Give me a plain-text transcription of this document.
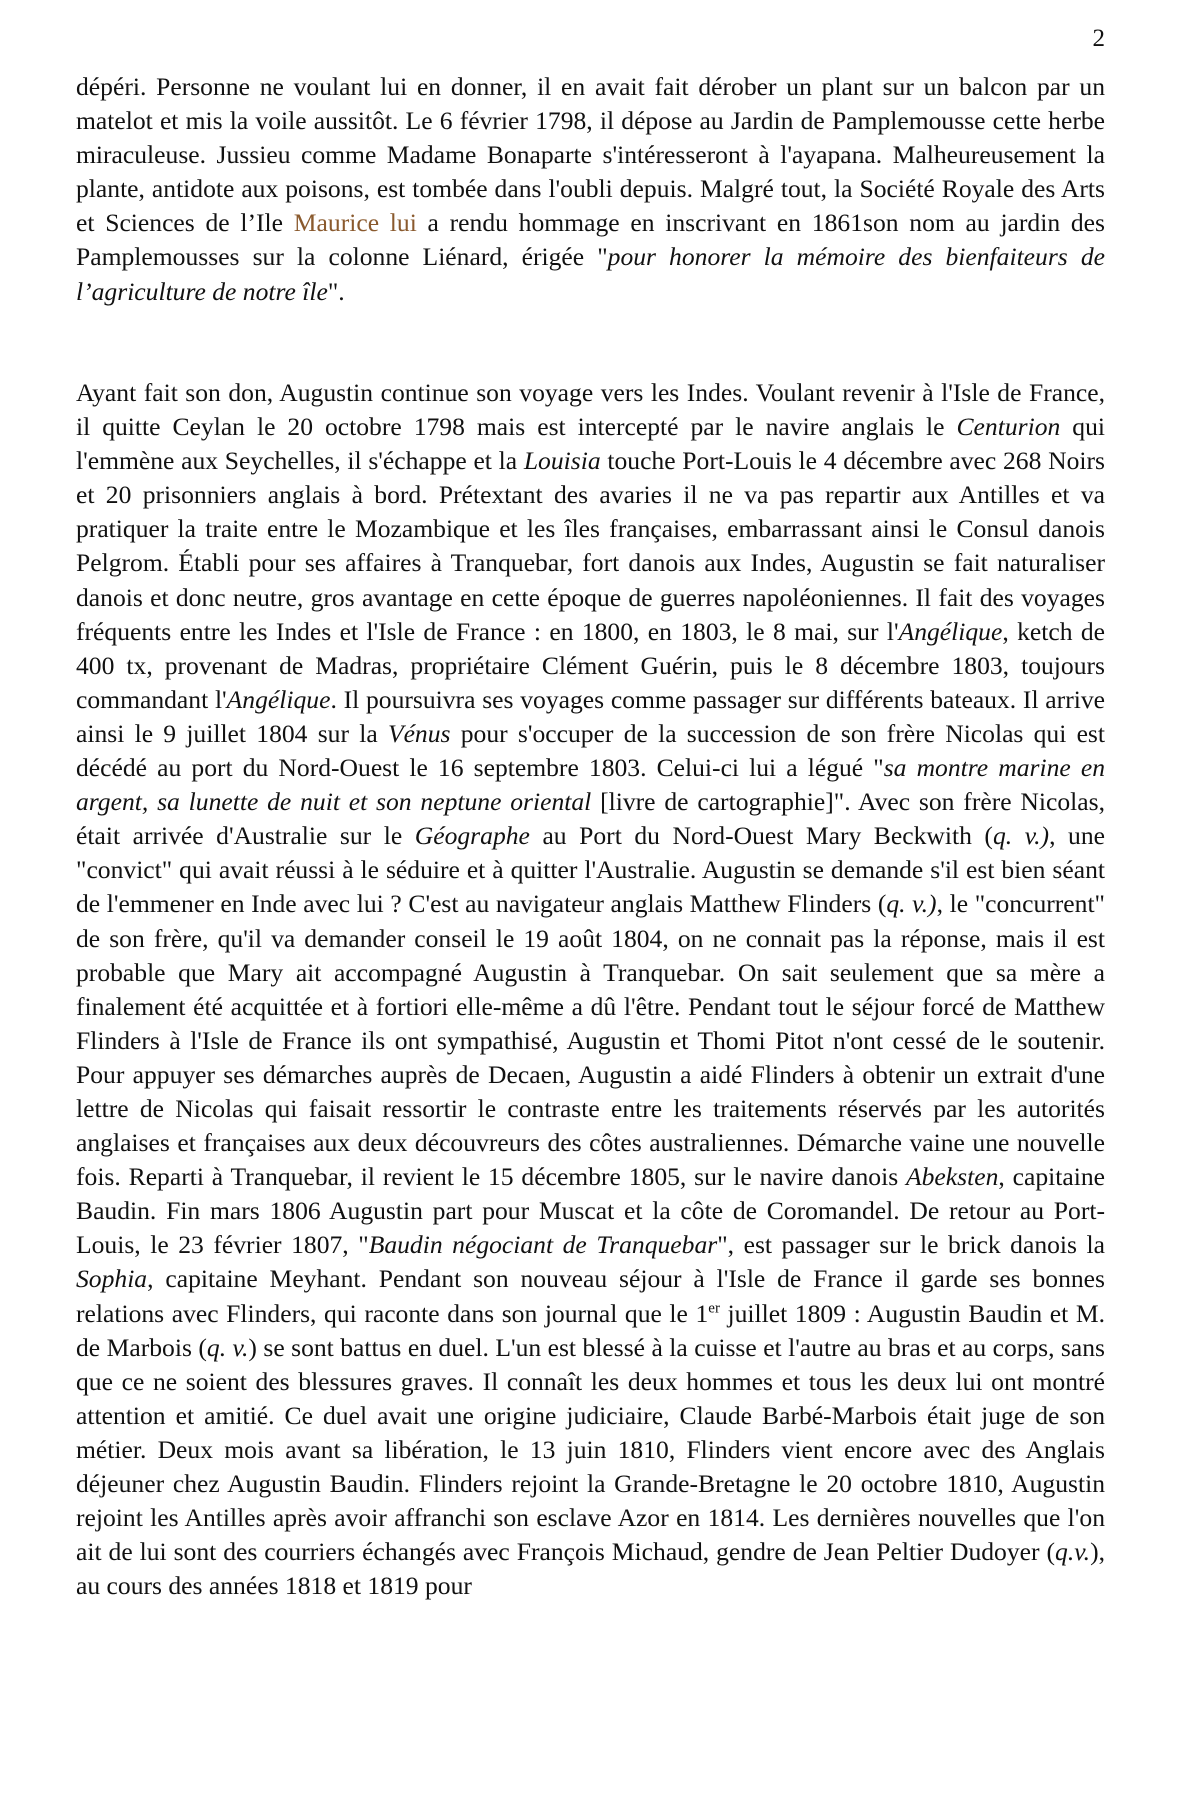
2

dépéri. Personne ne voulant lui en donner, il en avait fait dérober un plant sur un balcon par un matelot et mis la voile aussitôt. Le 6 février 1798, il dépose au Jardin de Pamplemousse cette herbe miraculeuse. Jussieu comme Madame Bonaparte s'intéresseront à l'ayapana. Malheureusement la plante, antidote aux poisons, est tombée dans l'oubli depuis. Malgré tout, la Société Royale des Arts et Sciences de l’Ile Maurice lui a rendu hommage en inscrivant en 1861son nom au jardin des Pamplemousses sur la colonne Liénard, érigée "pour honorer la mémoire des bienfaiteurs de l’agriculture de notre île".

Ayant fait son don, Augustin continue son voyage vers les Indes. Voulant revenir à l'Isle de France, il quitte Ceylan le 20 octobre 1798 mais est intercepté par le navire anglais le Centurion qui l'emmène aux Seychelles, il s'échappe et la Louisia touche Port-Louis le 4 décembre avec 268 Noirs et 20 prisonniers anglais à bord. Prétextant des avaries il ne va pas repartir aux Antilles et va pratiquer la traite entre le Mozambique et les îles françaises, embarrassant ainsi le Consul danois Pelgrom. Établi pour ses affaires à Tranquebar, fort danois aux Indes, Augustin se fait naturaliser danois et donc neutre, gros avantage en cette époque de guerres napoléoniennes. Il fait des voyages fréquents entre les Indes et l'Isle de France : en 1800, en 1803, le 8 mai, sur l'Angélique, ketch de 400 tx, provenant de Madras, propriétaire Clément Guérin, puis le 8 décembre 1803, toujours commandant l'Angélique. Il poursuivra ses voyages comme passager sur différents bateaux. Il arrive ainsi le 9 juillet 1804 sur la Vénus pour s'occuper de la succession de son frère Nicolas qui est décédé au port du Nord-Ouest le 16 septembre 1803. Celui-ci lui a légué "sa montre marine en argent, sa lunette de nuit et son neptune oriental [livre de cartographie]". Avec son frère Nicolas, était arrivée d'Australie sur le Géographe au Port du Nord-Ouest Mary Beckwith (q. v.), une "convict" qui avait réussi à le séduire et à quitter l'Australie. Augustin se demande s'il est bien séant de l'emmener en Inde avec lui ? C'est au navigateur anglais Matthew Flinders (q. v.), le "concurrent" de son frère, qu'il va demander conseil le 19 août 1804, on ne connait pas la réponse, mais il est probable que Mary ait accompagné Augustin à Tranquebar. On sait seulement que sa mère a finalement été acquittée et à fortiori elle-même a dû l'être. Pendant tout le séjour forcé de Matthew Flinders à l'Isle de France ils ont sympathisé, Augustin et Thomi Pitot n'ont cessé de le soutenir. Pour appuyer ses démarches auprès de Decaen, Augustin a aidé Flinders à obtenir un extrait d'une lettre de Nicolas qui faisait ressortir le contraste entre les traitements réservés par les autorités anglaises et françaises aux deux découvreurs des côtes australiennes. Démarche vaine une nouvelle fois. Reparti à Tranquebar, il revient le 15 décembre 1805, sur le navire danois Abeksten, capitaine Baudin. Fin mars 1806 Augustin part pour Muscat et la côte de Coromandel. De retour au Port-Louis, le 23 février 1807, "Baudin négociant de Tranquebar", est passager sur le brick danois la Sophia, capitaine Meyhant. Pendant son nouveau séjour à l'Isle de France il garde ses bonnes relations avec Flinders, qui raconte dans son journal que le 1er juillet 1809 : Augustin Baudin et M. de Marbois (q. v.) se sont battus en duel. L'un est blessé à la cuisse et l'autre au bras et au corps, sans que ce ne soient des blessures graves. Il connaît les deux hommes et tous les deux lui ont montré attention et amitié. Ce duel avait une origine judiciaire, Claude Barbé-Marbois était juge de son métier. Deux mois avant sa libération, le 13 juin 1810, Flinders vient encore avec des Anglais déjeuner chez Augustin Baudin. Flinders rejoint la Grande-Bretagne le 20 octobre 1810, Augustin rejoint les Antilles après avoir affranchi son esclave Azor en 1814. Les dernières nouvelles que l'on ait de lui sont des courriers échangés avec François Michaud, gendre de Jean Peltier Dudoyer (q.v.), au cours des années 1818 et 1819 pour
